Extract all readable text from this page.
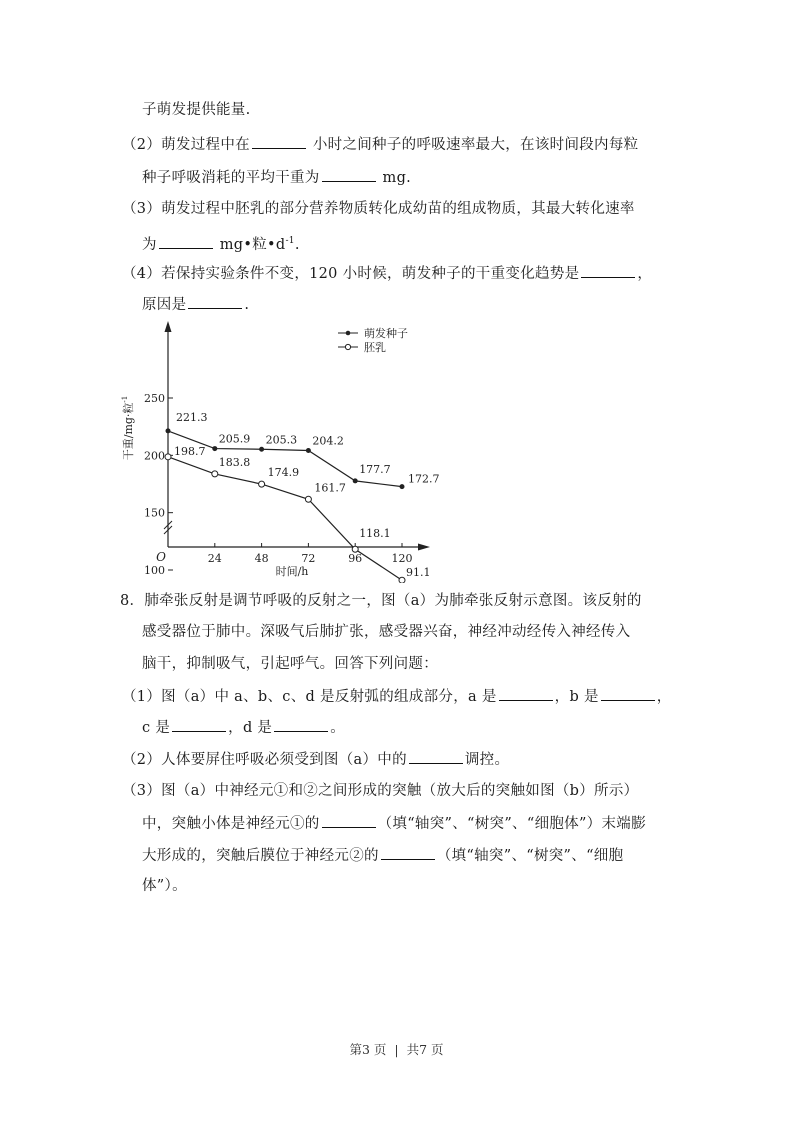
子萌发提供能量.
（2）萌发过程中在	小时之间种子的呼吸速率最大，在该时间段内每粒
种子呼吸消耗的平均干重为	mg.
（3）萌发过程中胚乳的部分营养物质转化成幼苗的组成物质，其最大转化速率
为	mg•粒$•d^{-1}$.
（4）若保持实验条件不变，120 小时候，萌发种子的干重变化趋势是	，
原因是	.
100
150
200
250
24	48	72	96	120
221.3
205.9 205.3 204.2
177.7
172.7
198.7
183.8
174.9
161.7
118.1
91.1
萌发种子
胚乳
时间/h
干重/mg·粒$^{-1}$
O
8．肺牵张反射是调节呼吸的反射之一，图（a）为肺牵张反射示意图。该反射的
感受器位于肺中。深吸气后肺扩张，感受器兴奋，神经冲动经传入神经传入
脑干，抑制吸气，引起呼气。回答下列问题：
（1）图（a）中 a、b、c、d 是反射弧的组成部分，a 是	，b 是	，
c 是	，d 是	。
（2）人体要屏住呼吸必须受到图（a）中的	调控。
（3）图（a）中神经元①和②之间形成的突触（放大后的突触如图（b）所示）
中，突触小体是神经元①的	（填“轴突”、“树突”、“细胞体”）末端膨
大形成的，突触后膜位于神经元②的	（填“轴突”、“树突”、“细胞
体”）。
第3 页 | 共7 页
